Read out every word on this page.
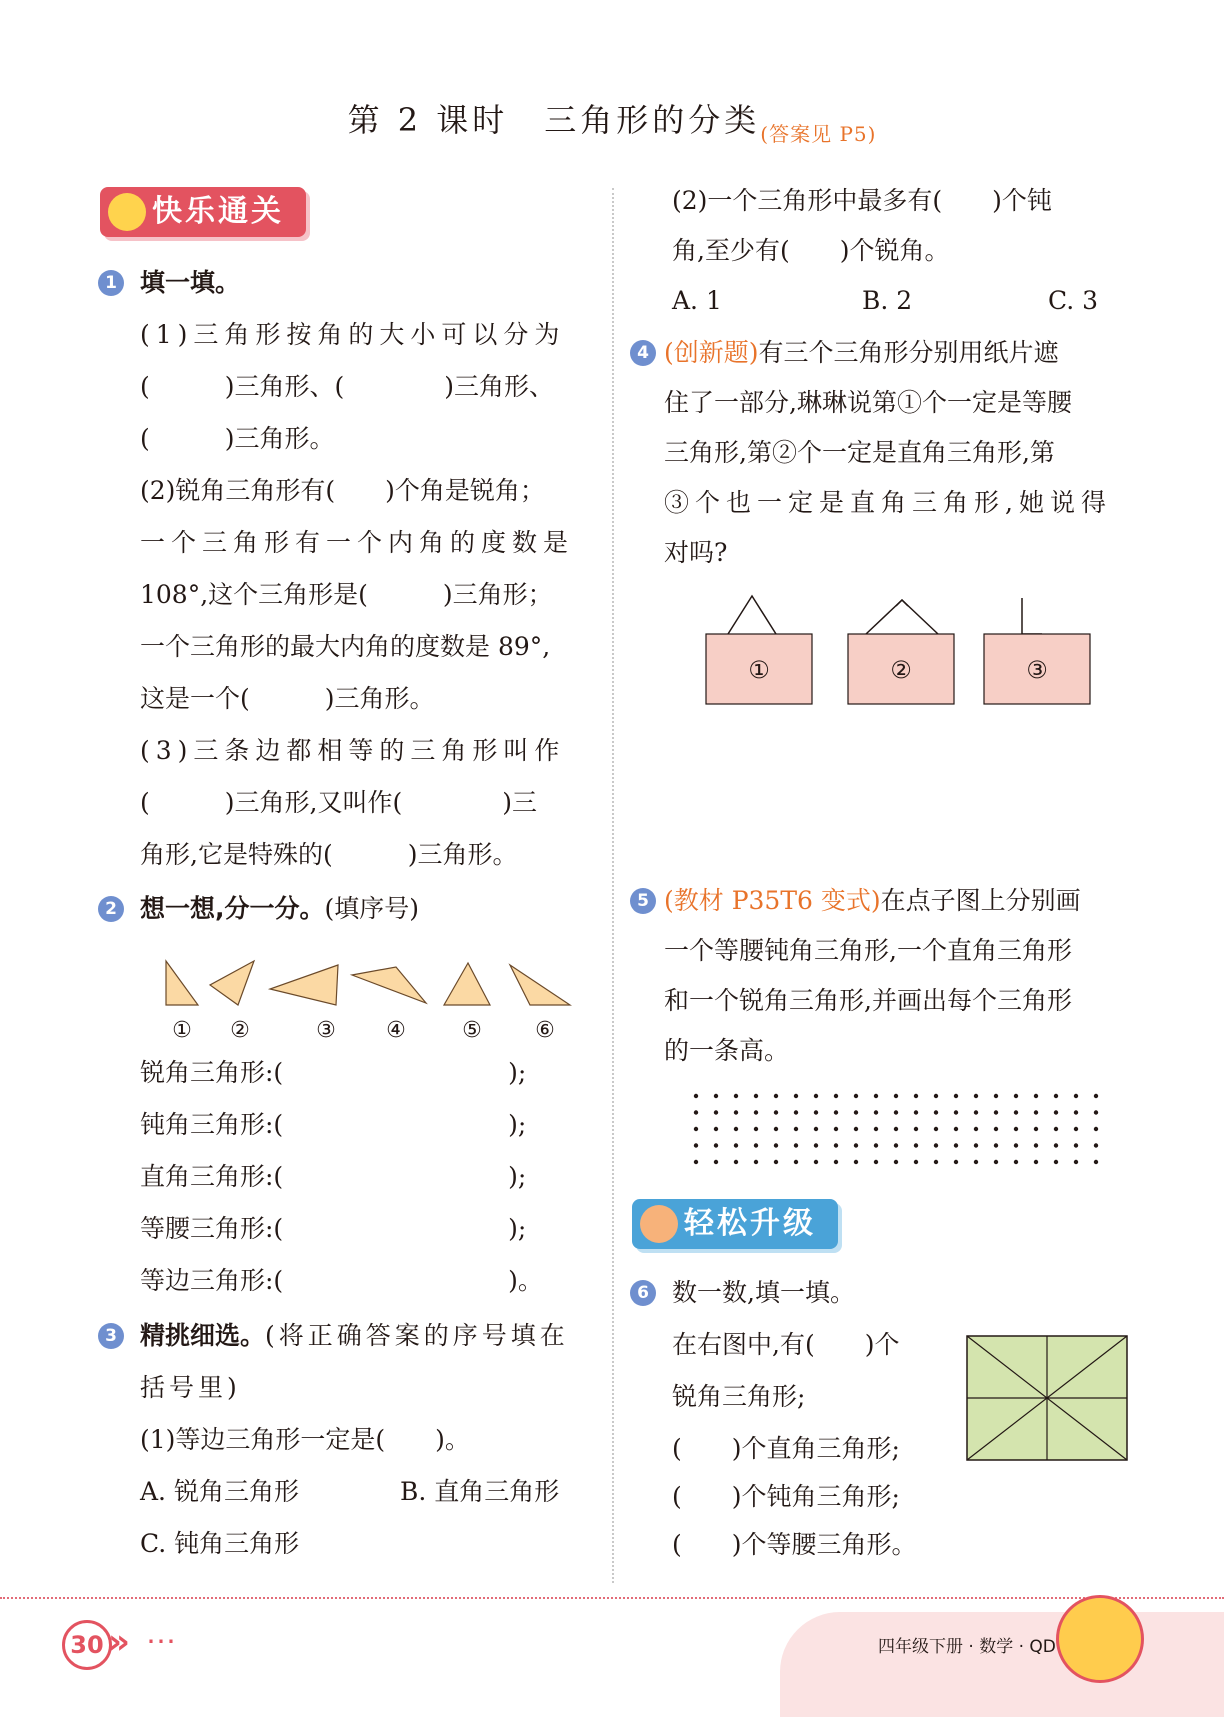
第 2 课时　三角形的分类$_{(答案见 P5)}$
快乐通关
1 填一填。
(1)三角形按角的大小可以分为
(　　　)三角形、(　　　　)三角形、
(　　　)三角形。
(2)锐角三角形有(　　)个角是锐角；
一个三角形有一个内角的度数是
108°,这个三角形是(　　　)三角形；
一个三角形的最大内角的度数是 89°,
这是一个(　　　)三角形。
(3)三条边都相等的三角形叫作
(　　　)三角形,又叫作(　　　　)三
角形,它是特殊的(　　　)三角形。
2 想一想,分一分。(填序号)
① ②	③ ④	⑤ ⑥
锐角三角形:(　　　　　　　　　);
钝角三角形:(　　　　　　　　　);
直角三角形:(　　　　　　　　　);
等腰三角形:(　　　　　　　　　);
等边三角形:(　　　　　　　　　)。
3 精挑细选。(将正确答案的序号填在
括号里)
(1)等边三角形一定是(　　)。
A. 锐角三角形	B. 直角三角形
C. 钝角三角形
(2)一个三角形中最多有(　　)个钝
角,至少有(　　)个锐角。
A. 1	B. 2	C. 3
4 (创新题)有三个三角形分别用纸片遮
住了一部分,琳琳说第①个一定是等腰
三角形,第②个一定是直角三角形,第
③个也一定是直角三角形,她说得
对吗?
①	②	③
5 (教材 P35T6 变式)在点子图上分别画
一个等腰钝角三角形,一个直角三角形
和一个锐角三角形,并画出每个三角形
的一条高。
轻松升级
6 数一数,填一填。
在右图中,有(　　)个
锐角三角形;
(　　)个直角三角形;
(　　)个钝角三角形;
(　　)个等腰三角形。
30 » ⋯	四年级下册 · 数学 · QD
